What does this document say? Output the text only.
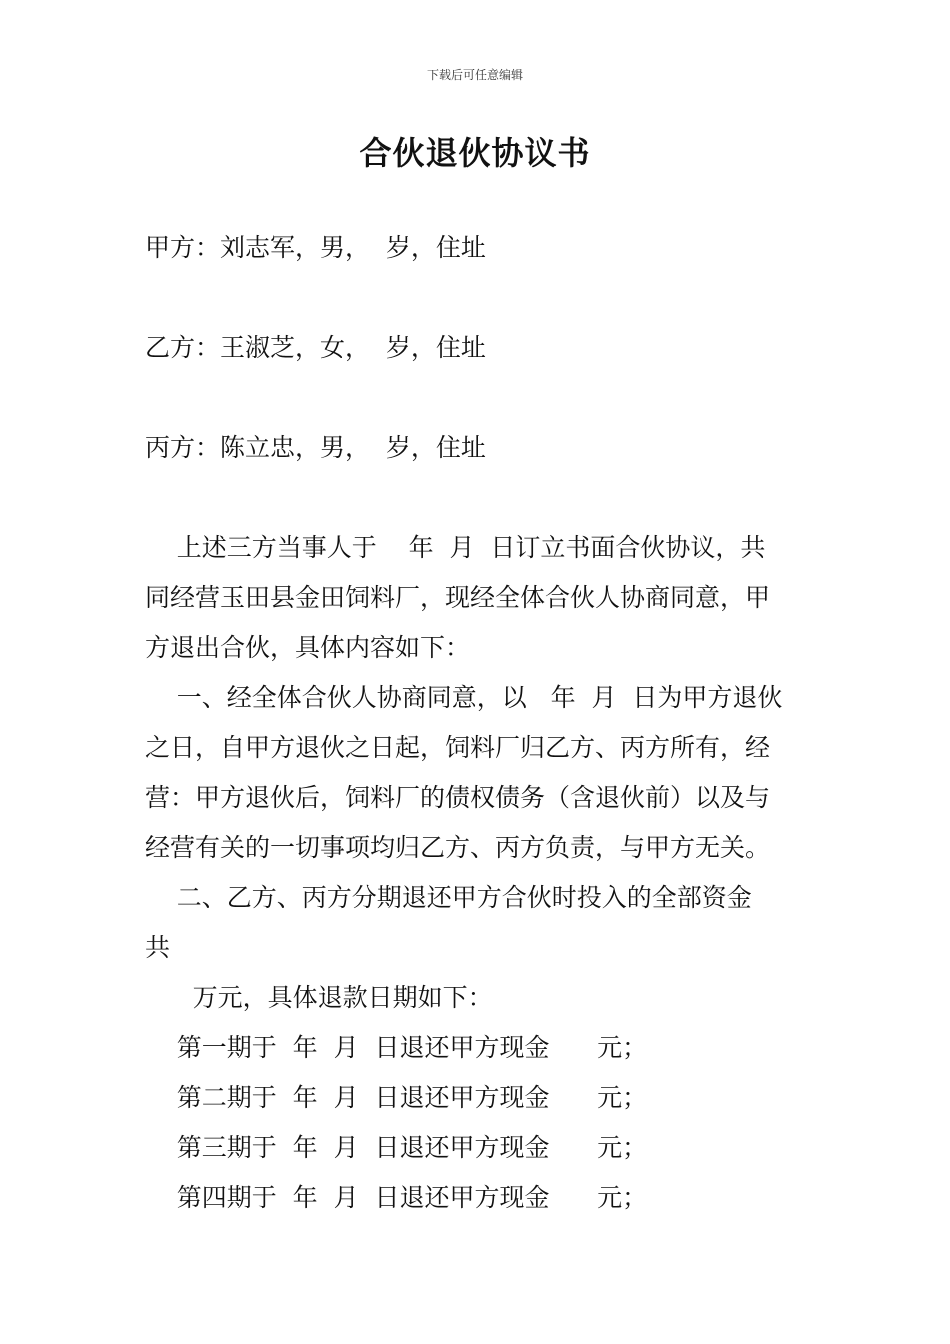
下载后可任意编辑
合伙退伙协议书
甲方：刘志军，男，  岁，住址
乙方：王淑芝，女，  岁，住址
丙方：陈立忠，男，  岁，住址
上述三方当事人于    年  月  日订立书面合伙协议，共
同经营玉田县金田饲料厂，现经全体合伙人协商同意，甲
方退出合伙，具体内容如下：
一、经全体合伙人协商同意，以   年  月  日为甲方退伙
之日，自甲方退伙之日起，饲料厂归乙方、丙方所有，经
营：甲方退伙后，饲料厂的债权债务（含退伙前）以及与
经营有关的一切事项均归乙方、丙方负责，与甲方无关。
二、乙方、丙方分期退还甲方合伙时投入的全部资金
共
万元，具体退款日期如下：
第一期于  年  月  日退还甲方现金      元；
第二期于  年  月  日退还甲方现金      元；
第三期于  年  月  日退还甲方现金      元；
第四期于  年  月  日退还甲方现金      元；
